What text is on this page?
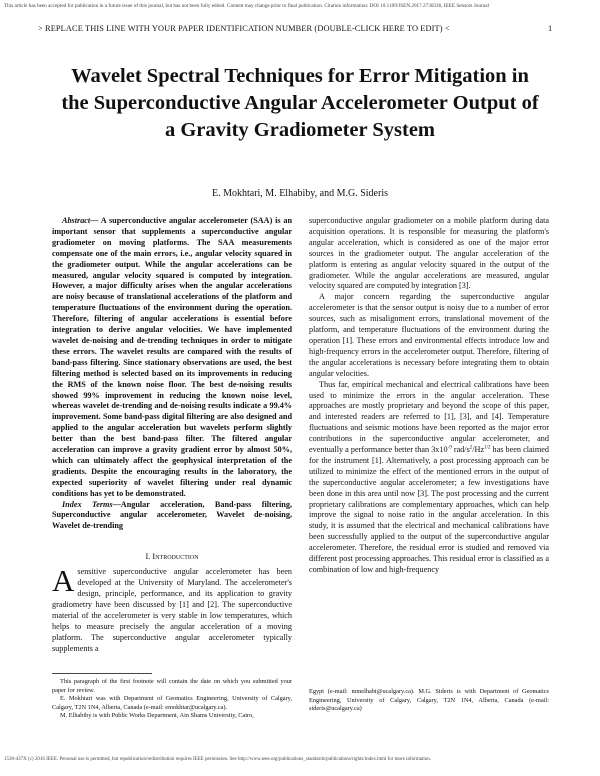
This article has been accepted for publication in a future issue of this journal, but has not been fully edited. Content may change prior to final publication. Citation information: DOI 10.1109/JSEN.2017.2730336, IEEE Sensors Journal
> REPLACE THIS LINE WITH YOUR PAPER IDENTIFICATION NUMBER (DOUBLE-CLICK HERE TO EDIT) <	1
Wavelet Spectral Techniques for Error Mitigation in the Superconductive Angular Accelerometer Output of a Gravity Gradiometer System
E. Mokhtari, M. Elhabiby, and M.G. Sideris

Abstract— A superconductive angular accelerometer (SAA) is an important sensor that supplements a superconductive angular gradiometer on moving platforms. The SAA measurements compensate one of the main errors, i.e., angular velocity squared in the gradiometer output. While the angular accelerations can be measured, angular velocity squared is computed by integration. However, a major difficulty arises when the angular accelerations are noisy because of translational accelerations of the platform and temperature fluctuations of the environment during the operation. Therefore, filtering of angular accelerations is essential before integration to derive angular velocities. We have implemented wavelet de-noising and de-trending techniques in order to mitigate these errors. The wavelet results are compared with the results of band-pass filtering. Since stationary observations are used, the best filtering method is selected based on its improvements in reducing the RMS of the known noise floor. The best de-noising results showed 99% improvement in reducing the known noise level, whereas wavelet de-trending and de-noising results indicate a 99.4% improvement. Some band-pass digital filtering are also designed and applied to the angular acceleration but wavelets perform slightly better than the best band-pass filter. The filtered angular acceleration can improve a gravity gradient error by almost 50%, which can ultimately affect the geophysical interpretation of the gradients. Despite the encouraging results in the laboratory, the expected superiority of wavelet filtering under real dynamic conditions has yet to be demonstrated.

Index Terms—Angular acceleration, Band-pass filtering, Superconductive angular accelerometer, Wavelet de-noising, Wavelet de-trending

I. Introduction

Asensitive superconductive angular accelerometer has been developed at the University of Maryland. The accelerometer's design, principle, performance, and its application to gravity gradiometry have been discussed by [1] and [2]. The superconductive material of the accelerometer is very stable in low temperatures, which helps to measure precisely the angular acceleration of a moving platform. The superconductive angular accelerometer typically supplements a

superconductive angular gradiometer on a mobile platform during data acquisition operations. It is responsible for measuring the platform's angular acceleration, which is considered as one of the major error sources in the gradiometer output. The angular acceleration of the platform is entering as angular velocity squared in the output of the gradiometer. While the angular accelerations are measured, angular velocity squared are computed by integration [3].

A major concern regarding the superconductive angular accelerometer is that the sensor output is noisy due to a number of error sources, such as misalignment errors, translational movement of the platform, and temperature fluctuations of the environment during the operation [1]. These errors and environmental effects introduce low and high-frequency errors in the accelerometer output. Therefore, filtering of the angular accelerations is necessary before integrating them to obtain angular velocities.

Thus far, empirical mechanical and electrical calibrations have been used to minimize the errors in the angular acceleration. These approaches are mostly proprietary and beyond the scope of this paper, and interested readers are referred to [1], [3], and [4]. Temperature fluctuations and seismic motions have been reported as the major error contributions in the superconductive angular accelerometer, and eventually a performance better than $3x10^{-9}$ rad/$s^2/Hz^{1/2}$ has been claimed for the instrument [1]. Alternatively, a post processing approach can be utilized to minimize the effect of the mentioned errors in the output of the superconductive angular accelerometer; a few investigations have been done in this area until now [3]. The post processing and the current proprietary calibrations are complementary approaches, which can help improve the signal to noise ratio in the angular acceleration. In this study, it is assumed that the electrical and mechanical calibrations have been successfully applied to the output of the superconductive angular accelerometer. Therefore, the residual error is studied and removed via different post processing approaches. This residual error is classified as a combination of low and high-frequency

This paragraph of the first footnote will contain the date on which you submitted your paper for review.

E. Mokhtari was with Department of Geomatics Engineering, University of Calgary, Calgary, T2N 1N4, Alberta, Canada (e-mail: emokhtar@ucalgary.ca).

M. Elhabiby is with Public Works Department, Ain Shams University, Cairo,

Egypt (e-mail: mmelhabi@ucalgary.ca). M.G. Sideris is with Department of Geomatics Engineering, University of Calgary, Calgary, T2N 1N4, Alberta, Canada (e-mail: sideris@ucalgary.ca)

1530-437X (c) 2016 IEEE. Personal use is permitted, but republication/redistribution requires IEEE permission. See http://www.ieee.org/publications_standards/publications/rights/index.html for more information.
